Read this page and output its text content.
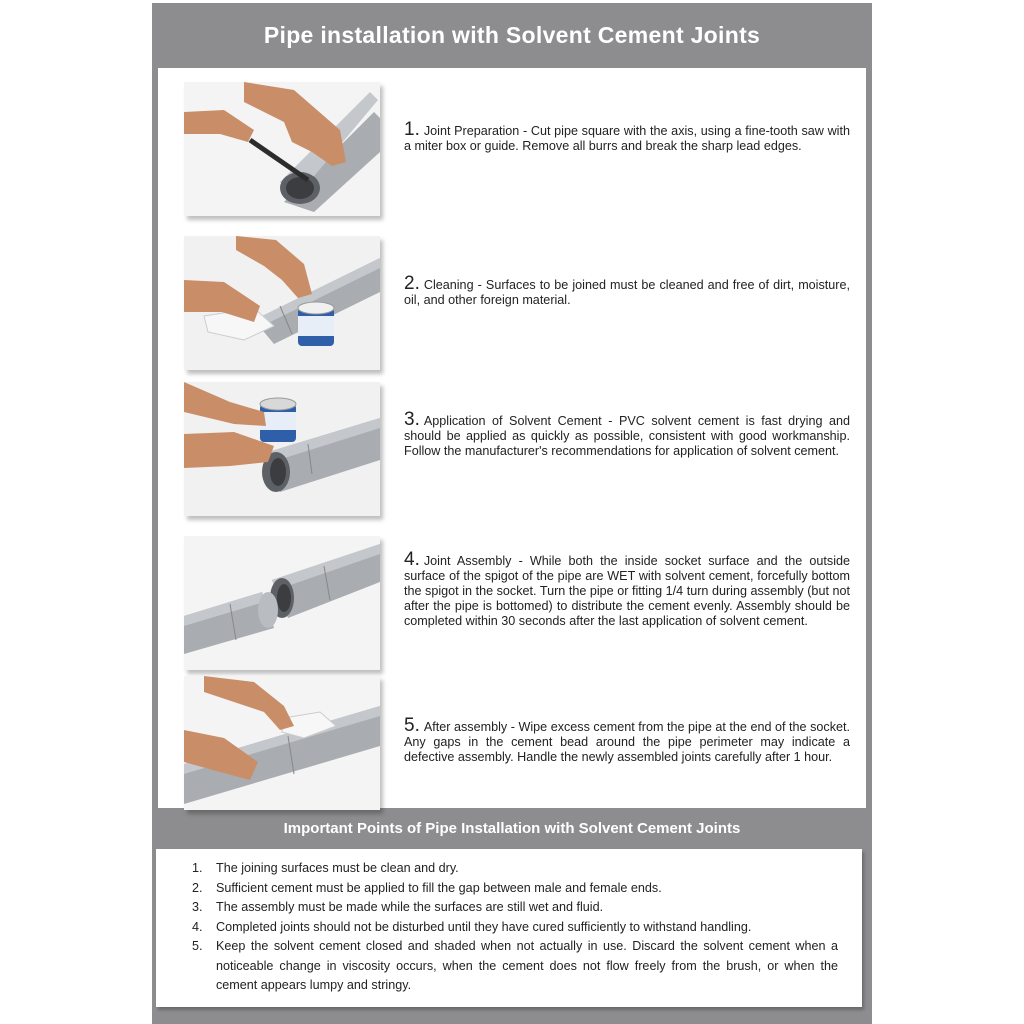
Pipe installation with Solvent Cement Joints
1. Joint Preparation - Cut pipe square with the axis, using a fine-tooth saw with a miter box or guide. Remove all burrs and break the sharp lead edges.
2. Cleaning - Surfaces to be joined must be cleaned and free of dirt, moisture, oil, and other foreign material.
3. Application of Solvent Cement - PVC solvent cement is fast drying and should be applied as quickly as possible, consistent with good workmanship. Follow the manufacturer's recommendations for application of solvent cement.
4. Joint Assembly - While both the inside socket surface and the outside surface of the spigot of the pipe are WET with solvent cement, forcefully bottom the spigot in the socket. Turn the pipe or fitting 1/4 turn during assembly (but not after the pipe is bottomed) to distribute the cement evenly. Assembly should be completed within 30 seconds after the last application of solvent cement.
5. After assembly - Wipe excess cement from the pipe at the end of the socket. Any gaps in the cement bead around the pipe perimeter may indicate a defective assembly. Handle the newly assembled joints carefully after 1 hour.
Important Points of Pipe Installation with Solvent Cement Joints
1.	The joining surfaces must be clean and dry.
2.	Sufficient cement must be applied to fill the gap between male and female ends.
3.	The assembly must be made while the surfaces are still wet and fluid.
4.	Completed joints should not be disturbed until they have cured sufficiently to withstand handling.
5.	Keep the solvent cement closed and shaded when not actually in use. Discard the solvent cement when a noticeable change in viscosity occurs, when the cement does not flow freely from the brush, or when the cement appears lumpy and stringy.
